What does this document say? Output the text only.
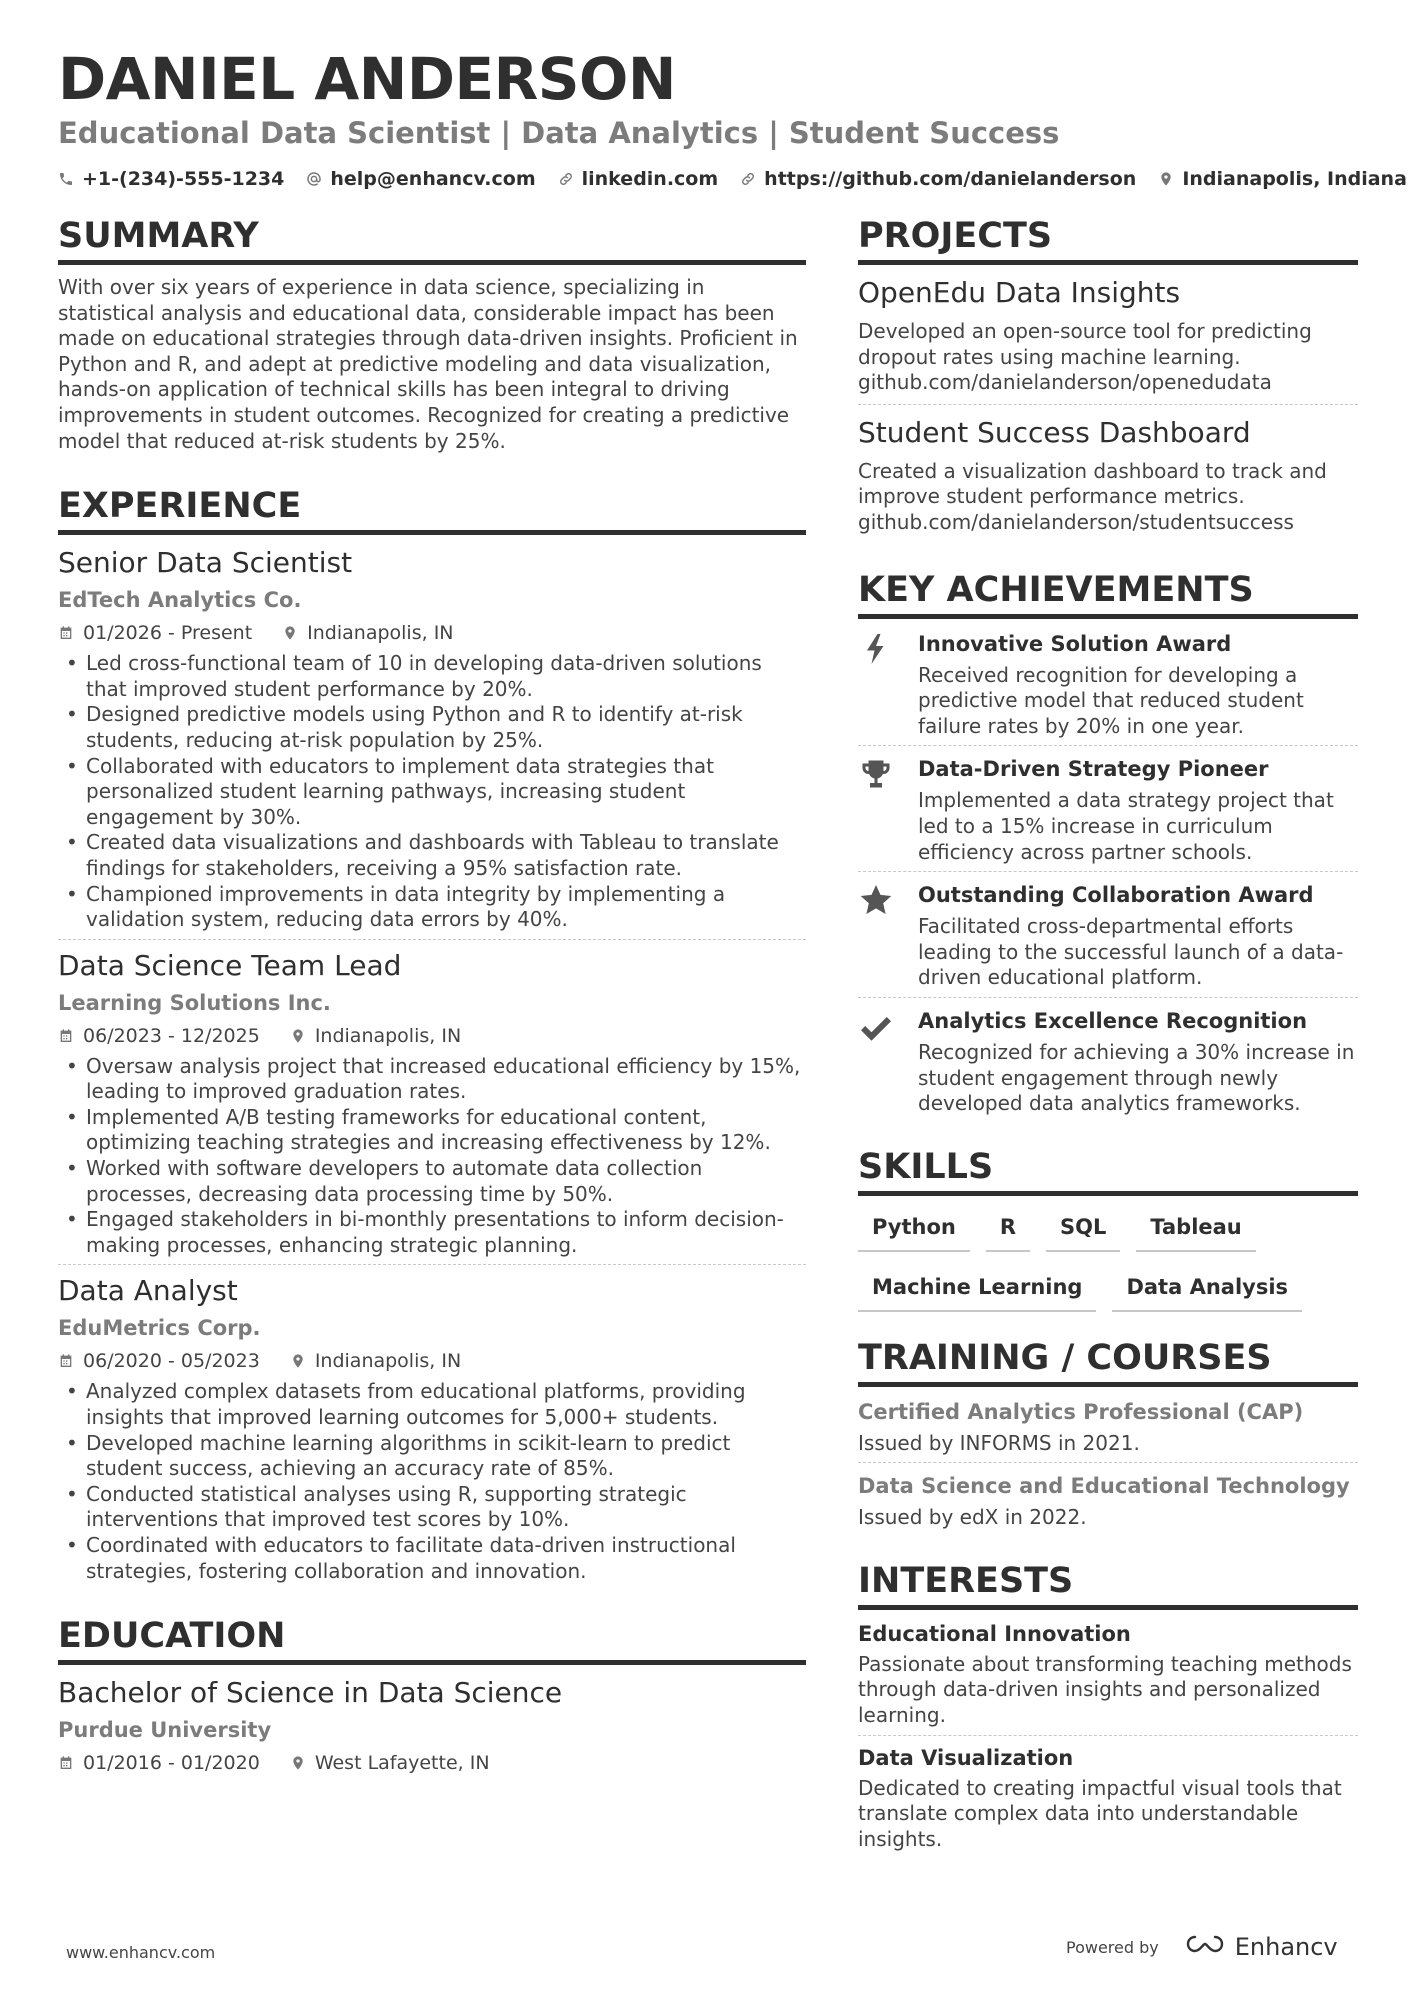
DANIEL ANDERSON
Educational Data Scientist | Data Analytics | Student Success
+1-(234)-555-1234 help@enhancv.com linkedin.com https://github.com/danielanderson Indianapolis, Indiana
SUMMARY
With over six years of experience in data science, specializing in statistical analysis and educational data, considerable impact has been made on educational strategies through data-driven insights. Proficient in Python and R, and adept at predictive modeling and data visualization, hands-on application of technical skills has been integral to driving improvements in student outcomes. Recognized for creating a predictive model that reduced at-risk students by 25%.
EXPERIENCE
Senior Data Scientist
EdTech Analytics Co.
01/2026 - Present	Indianapolis, IN
• Led cross-functional team of 10 in developing data-driven solutions that improved student performance by 20%.
• Designed predictive models using Python and R to identify at-risk students, reducing at-risk population by 25%.
• Collaborated with educators to implement data strategies that personalized student learning pathways, increasing student engagement by 30%.
• Created data visualizations and dashboards with Tableau to translate findings for stakeholders, receiving a 95% satisfaction rate.
• Championed improvements in data integrity by implementing a validation system, reducing data errors by 40%.
Data Science Team Lead
Learning Solutions Inc.
06/2023 - 12/2025	Indianapolis, IN
• Oversaw analysis project that increased educational efficiency by 15%, leading to improved graduation rates.
• Implemented A/B testing frameworks for educational content, optimizing teaching strategies and increasing effectiveness by 12%.
• Worked with software developers to automate data collection processes, decreasing data processing time by 50%.
• Engaged stakeholders in bi-monthly presentations to inform decision-making processes, enhancing strategic planning.
Data Analyst
EduMetrics Corp.
06/2020 - 05/2023	Indianapolis, IN
• Analyzed complex datasets from educational platforms, providing insights that improved learning outcomes for 5,000+ students.
• Developed machine learning algorithms in scikit-learn to predict student success, achieving an accuracy rate of 85%.
• Conducted statistical analyses using R, supporting strategic interventions that improved test scores by 10%.
• Coordinated with educators to facilitate data-driven instructional strategies, fostering collaboration and innovation.
EDUCATION
Bachelor of Science in Data Science
Purdue University
01/2016 - 01/2020	West Lafayette, IN
PROJECTS
OpenEdu Data Insights
Developed an open-source tool for predicting dropout rates using machine learning.
github.com/danielanderson/openedudata
Student Success Dashboard
Created a visualization dashboard to track and improve student performance metrics.
github.com/danielanderson/studentsuccess
KEY ACHIEVEMENTS
Innovative Solution Award
Received recognition for developing a predictive model that reduced student failure rates by 20% in one year.
Data-Driven Strategy Pioneer
Implemented a data strategy project that led to a 15% increase in curriculum efficiency across partner schools.
Outstanding Collaboration Award
Facilitated cross-departmental efforts leading to the successful launch of a data-driven educational platform.
Analytics Excellence Recognition
Recognized for achieving a 30% increase in student engagement through newly developed data analytics frameworks.
SKILLS
Python	R	SQL	Tableau
Machine Learning	Data Analysis
TRAINING / COURSES
Certified Analytics Professional (CAP)
Issued by INFORMS in 2021.
Data Science and Educational Technology
Issued by edX in 2022.
INTERESTS
Educational Innovation
Passionate about transforming teaching methods through data-driven insights and personalized learning.
Data Visualization
Dedicated to creating impactful visual tools that translate complex data into understandable insights.
www.enhancv.com	Powered by	Enhancv
